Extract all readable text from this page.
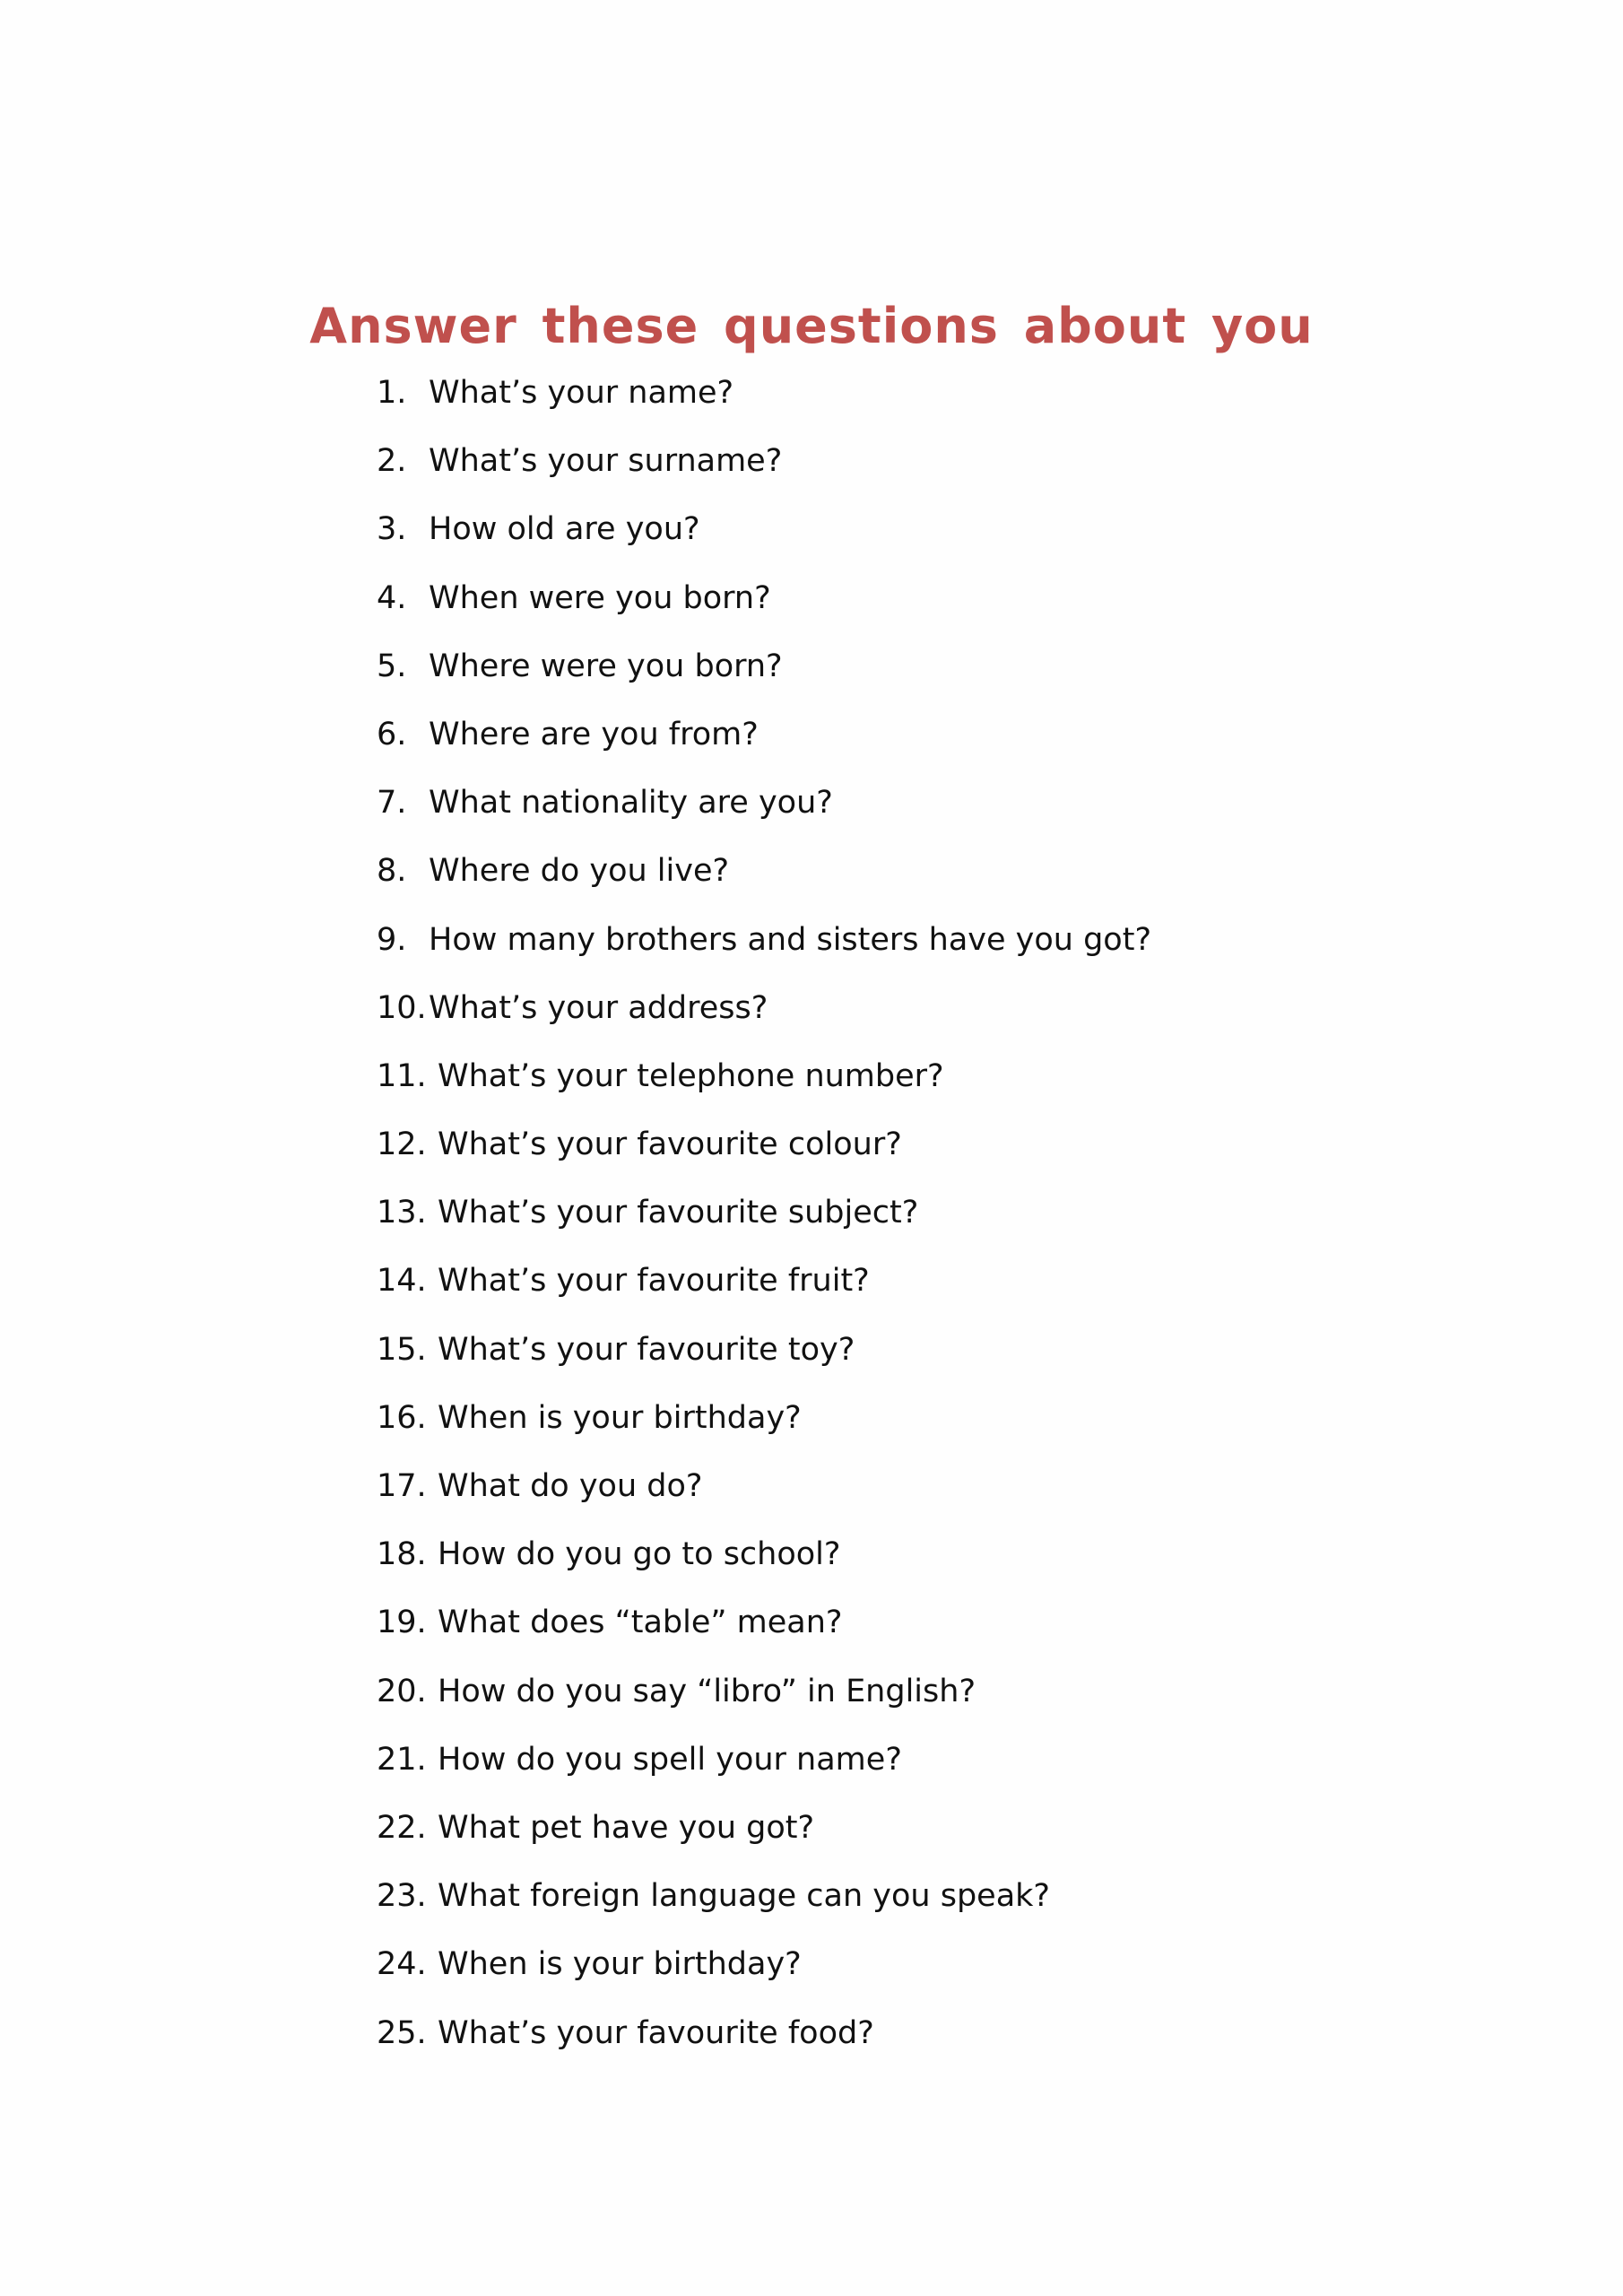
Answer these questions about you
1. What’s your name?
2. What’s your surname?
3. How old are you?
4. When were you born?
5. Where were you born?
6. Where are you from?
7. What nationality are you?
8. Where do you live?
9. How many brothers and sisters have you got?
10. What’s your address?
11. What’s your telephone number?
12. What’s your favourite colour?
13. What’s your favourite subject?
14. What’s your favourite fruit?
15. What’s your favourite toy?
16. When is your birthday?
17. What do you do?
18. How do you go to school?
19. What does “table” mean?
20. How do you say “libro” in English?
21. How do you spell your name?
22. What pet have you got?
23. What foreign language can you speak?
24. When is your birthday?
25. What’s your favourite food?
